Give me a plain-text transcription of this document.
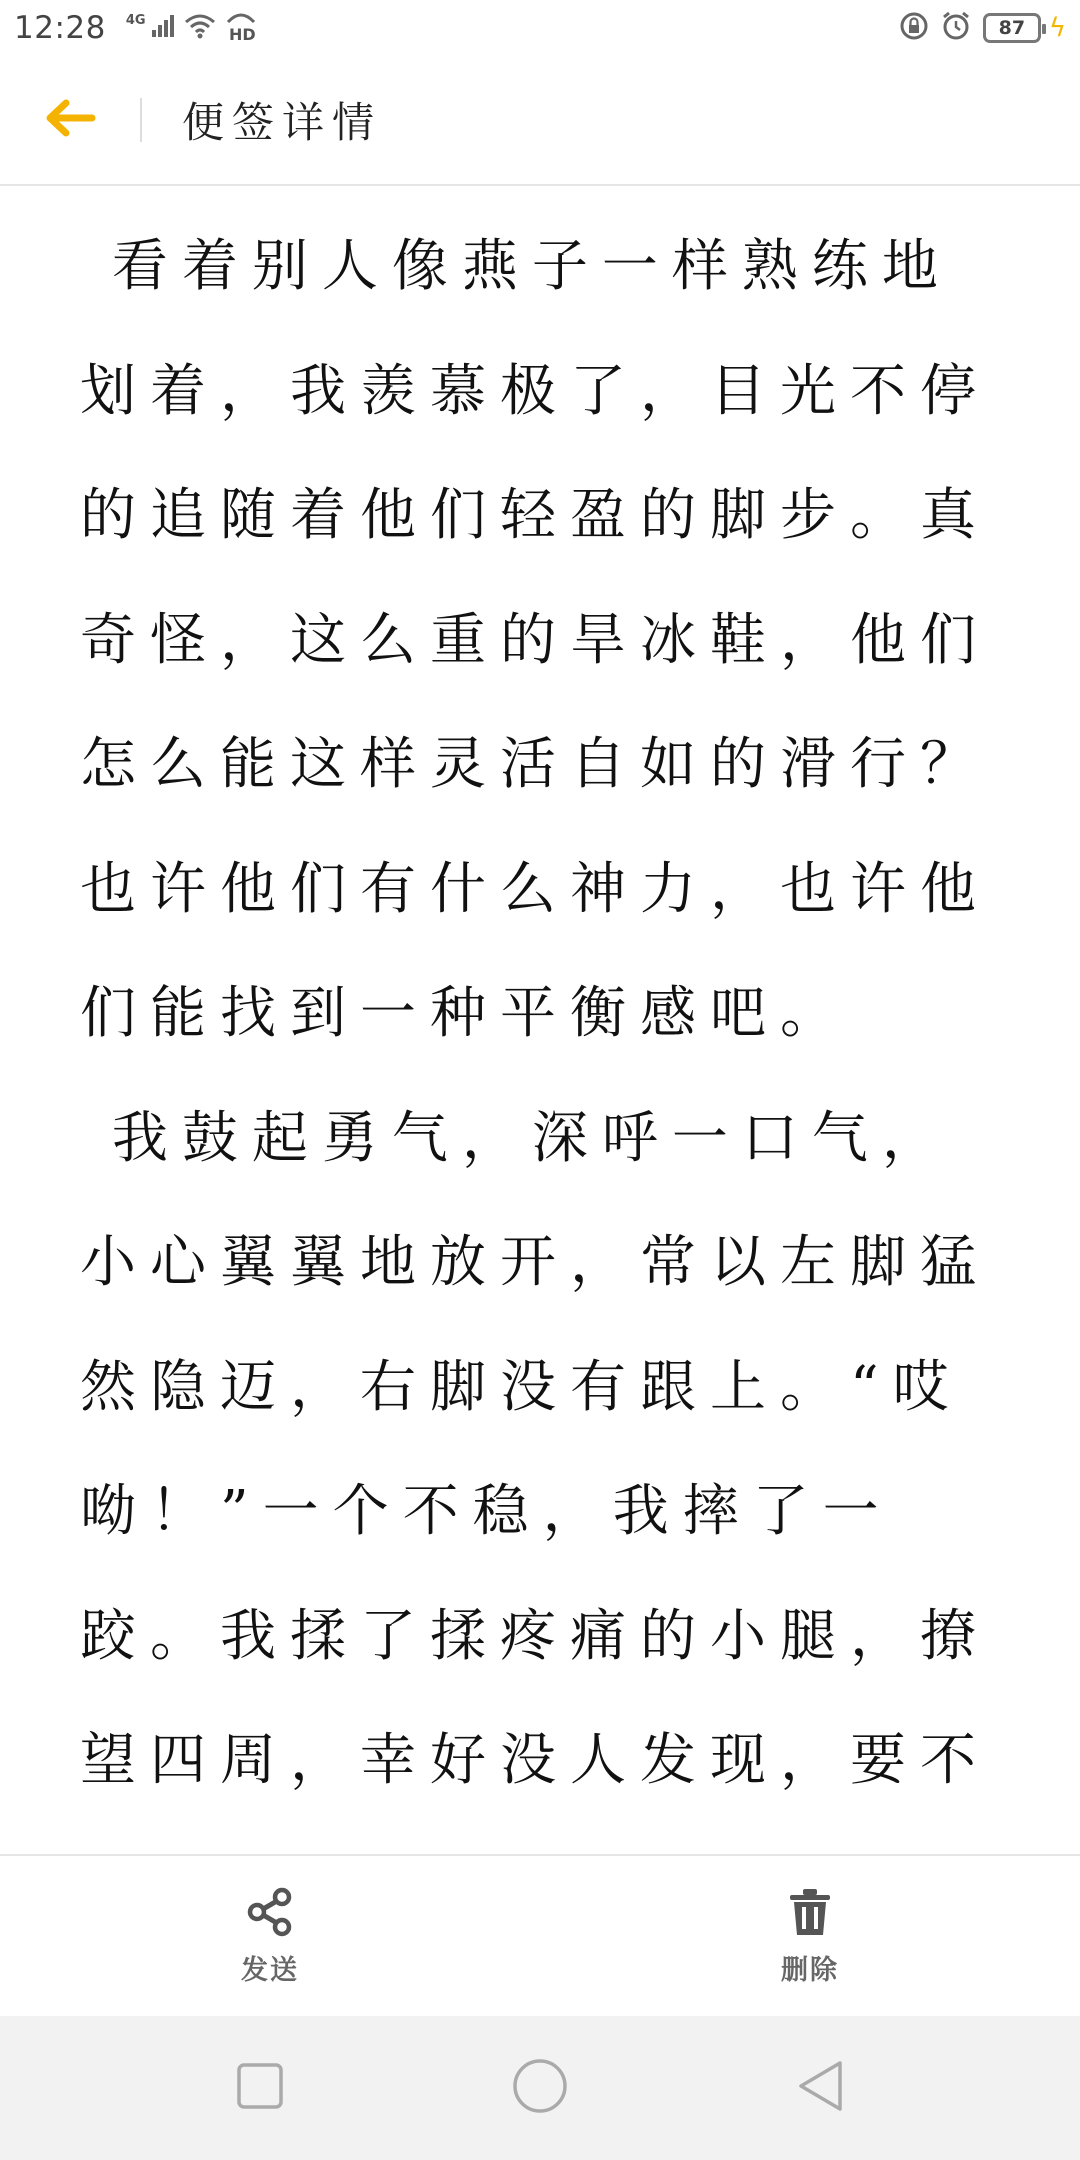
12:28 4G
HD	87 ϟ
便签详情

看着别人像燕子一样熟练地划着，我羡慕极了，目光不停的追随着他们轻盈的脚步。真奇怪，这么重的旱冰鞋，他们怎么能这样灵活自如的滑行？也许他们有什么神力，也许他们能找到一种平衡感吧。

我鼓起勇气，深呼一口气，小心翼翼地放开，常以左脚猛然隐迈，右脚没有跟上。“哎呦！”一个不稳，我摔了一跤。我揉了揉疼痛的小腿，撩望四周，幸好没人发现，要不

发送	删除
